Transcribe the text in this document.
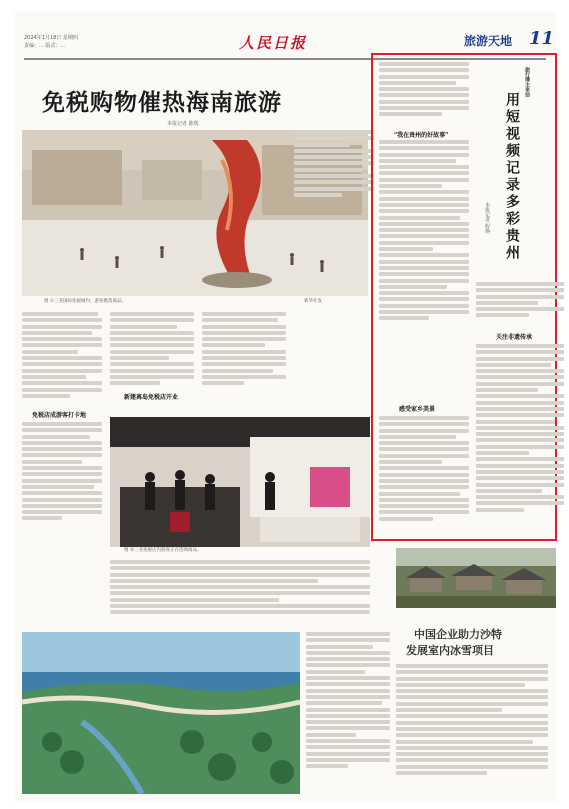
2024年1月18日 星期四
责编：... 版式：...	人民日报	旅游天地 11
免税购物催热海南旅游
本报记者 陈隽
图 ①三亚国际免税城内，游客挑选商品。	新华社发
免税店成游客打卡地
新建离岛免税店开业
图 ②三亚免税店内游客正在选购商品。
用短视频记录多彩贵州
旅行博主来信
本报记者 程焕
"我在贵州的好故事"
关注非遗传承
感受家乡美景
中国企业助力沙特
发展室内冰雪项目
